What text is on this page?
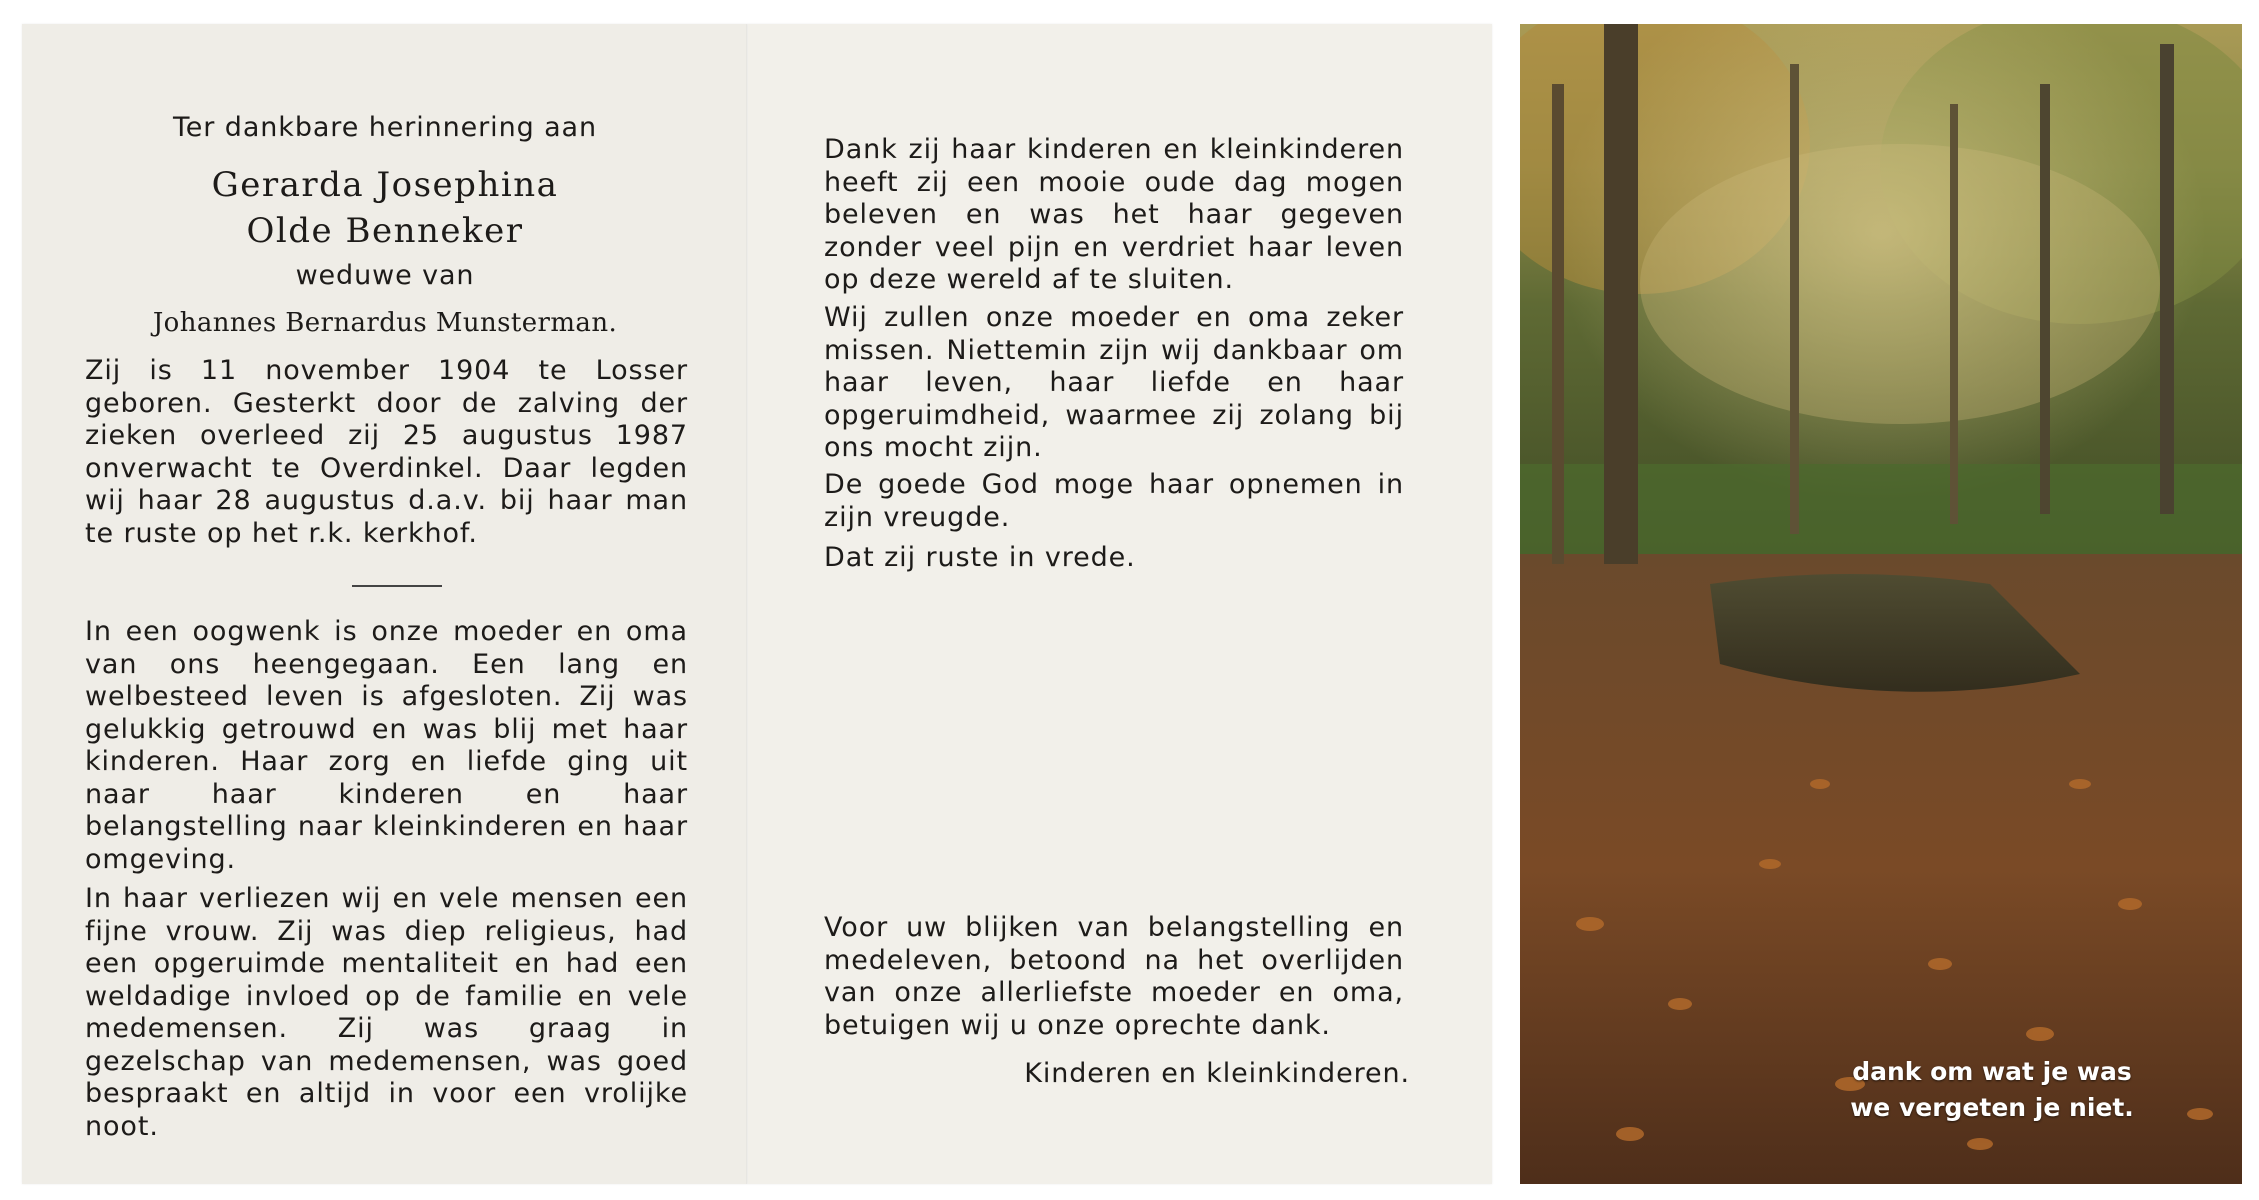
Ter dankbare herinnering aan

Gerarda Josephina

Olde Benneker

weduwe van

Johannes Bernardus Munsterman.

Zij is 11 november 1904 te Losser geboren. Gesterkt door de zalving der zieken overleed zij 25 augustus 1987 onverwacht te Overdinkel. Daar legden wij haar 28 augustus d.a.v. bij haar man te ruste op het r.k. kerkhof.

In een oogwenk is onze moeder en oma van ons heengegaan. Een lang en welbesteed leven is afgesloten. Zij was gelukkig getrouwd en was blij met haar kinderen. Haar zorg en liefde ging uit naar haar kinderen en haar belangstelling naar kleinkinderen en haar omgeving.

In haar verliezen wij en vele mensen een fijne vrouw. Zij was diep religieus, had een opgeruimde mentaliteit en had een weldadige invloed op de familie en vele medemensen. Zij was graag in gezelschap van medemensen, was goed bespraakt en altijd in voor een vrolijke noot.

Dank zij haar kinderen en kleinkinderen heeft zij een mooie oude dag mogen beleven en was het haar gegeven zonder veel pijn en verdriet haar leven op deze wereld af te sluiten.

Wij zullen onze moeder en oma zeker missen. Niettemin zijn wij dankbaar om haar leven, haar liefde en haar opgeruimdheid, waarmee zij zolang bij ons mocht zijn.

De goede God moge haar opnemen in zijn vreugde.

Dat zij ruste in vrede.

Voor uw blijken van belangstelling en medeleven, betoond na het overlijden van onze allerliefste moeder en oma, betuigen wij u onze oprechte dank.

Kinderen en kleinkinderen.	dank om wat je was

we vergeten je niet.
